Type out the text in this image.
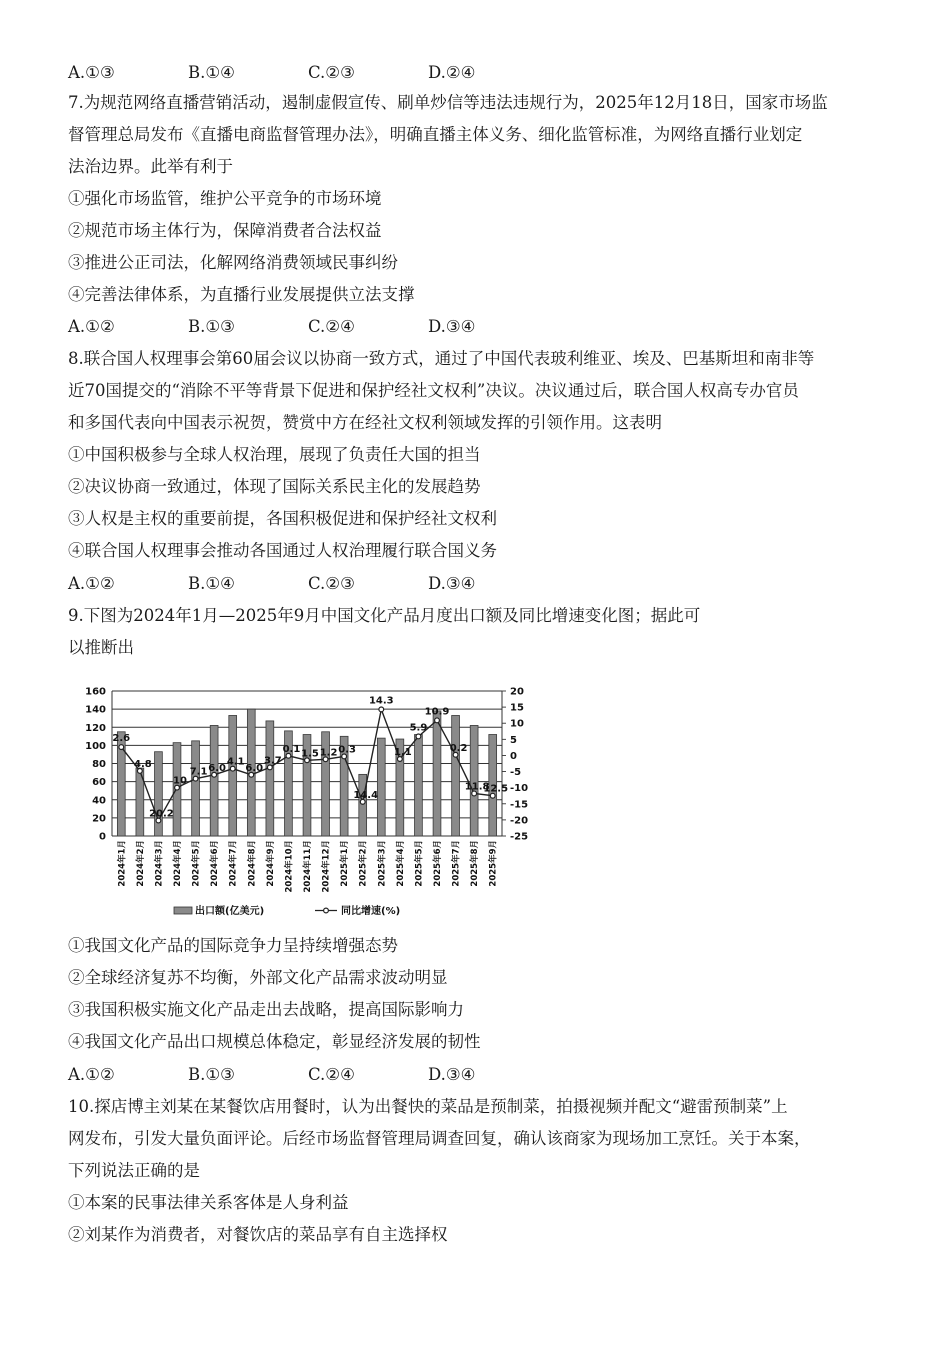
A.①③	B.①④	C.②③	D.②④
7.为规范网络直播营销活动，遏制虚假宣传、刷单炒信等违法违规行为，2025年12月18日，国家市场监
督管理总局发布《直播电商监督管理办法》，明确直播主体义务、细化监管标准，为网络直播行业划定
法治边界。此举有利于
①强化市场监管，维护公平竞争的市场环境
②规范市场主体行为，保障消费者合法权益
③推进公正司法，化解网络消费领域民事纠纷
④完善法律体系，为直播行业发展提供立法支撑
A.①②	B.①③	C.②④	D.③④
8.联合国人权理事会第60届会议以协商一致方式，通过了中国代表玻利维亚、埃及、巴基斯坦和南非等
近70国提交的“消除不平等背景下促进和保护经社文权利”决议。决议通过后，联合国人权高专办官员
和多国代表向中国表示祝贺，赞赏中方在经社文权利领域发挥的引领作用。这表明
①中国积极参与全球人权治理，展现了负责任大国的担当
②决议协商一致通过，体现了国际关系民主化的发展趋势
③人权是主权的重要前提，各国积极促进和保护经社文权利
④联合国人权理事会推动各国通过人权治理履行联合国义务
A.①②	B.①④	C.②③	D.③④
9.下图为2024年1月—2025年9月中国文化产品月度出口额及同比增速变化图；据此可
以推断出
0
20
40
60
80
100
120
140
160
-25
-20
-15
-10
-5
0
5
10
15
20
2.6
4.8
20.2
10
7.1 6.0
4.1
6.0
3.7
0.1 1.5 1.2 0.3
14.4
14.3
1.1
5.9
10.9
0.2
11.8
12.5
2024年1月 2024年2月 2024年3月 2024年4月 2024年5月 2024年6月 2024年7月 2024年8月 2024年9月 2024年10月 2024年11月 2024年12月 2025年1月 2025年2月 2025年3月 2025年4月 2025年5月 2025年6月 2025年7月 2025年8月 2025年9月
出口额(亿美元)	同比增速(%)
①我国文化产品的国际竞争力呈持续增强态势
②全球经济复苏不均衡，外部文化产品需求波动明显
③我国积极实施文化产品走出去战略，提高国际影响力
④我国文化产品出口规模总体稳定，彰显经济发展的韧性
A.①②	B.①③	C.②④	D.③④
10.探店博主刘某在某餐饮店用餐时，认为出餐快的菜品是预制菜，拍摄视频并配文“避雷预制菜”上
网发布，引发大量负面评论。后经市场监督管理局调查回复，确认该商家为现场加工烹饪。关于本案，
下列说法正确的是
①本案的民事法律关系客体是人身利益
②刘某作为消费者，对餐饮店的菜品享有自主选择权
